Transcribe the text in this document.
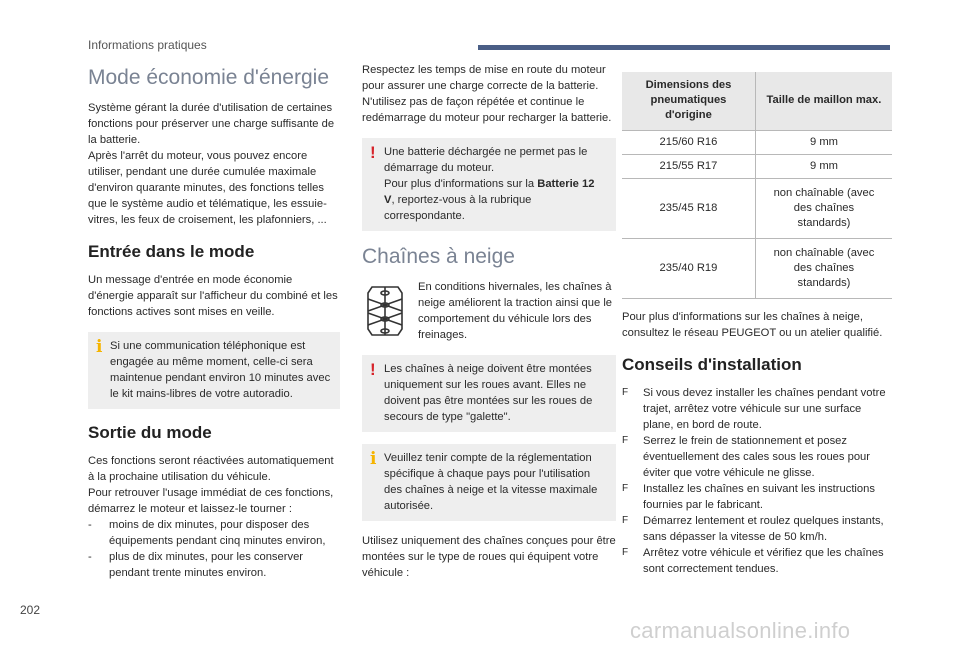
Informations pratiques
Mode économie d'énergie

Système gérant la durée d'utilisation de certaines fonctions pour préserver une charge suffisante de la batterie.

Après l'arrêt du moteur, vous pouvez encore utiliser, pendant une durée cumulée maximale d'environ quarante minutes, des fonctions telles que le système audio et télématique, les essuie-vitres, les feux de croisement, les plafonniers, ...

Entrée dans le mode

Un message d'entrée en mode économie d'énergie apparaît sur l'afficheur du combiné et les fonctions actives sont mises en veille.

i Si une communication téléphonique est engagée au même moment, celle-ci sera maintenue pendant environ 10 minutes avec le kit mains-libres de votre autoradio.

Sortie du mode

Ces fonctions seront réactivées automatiquement à la prochaine utilisation du véhicule.

Pour retrouver l'usage immédiat de ces fonctions, démarrez le moteur et laissez-le tourner :

- moins de dix minutes, pour disposer des équipements pendant cinq minutes environ,
- plus de dix minutes, pour les conserver pendant trente minutes environ.

Respectez les temps de mise en route du moteur pour assurer une charge correcte de la batterie.

N'utilisez pas de façon répétée et continue le redémarrage du moteur pour recharger la batterie.

! Une batterie déchargée ne permet pas le démarrage du moteur.

Pour plus d'informations sur la Batterie 12 V, reportez-vous à la rubrique correspondante.

Chaînes à neige

En conditions hivernales, les chaînes à neige améliorent la traction ainsi que le comportement du véhicule lors des freinages.

! Les chaînes à neige doivent être montées uniquement sur les roues avant. Elles ne doivent pas être montées sur les roues de secours de type "galette".

i Veuillez tenir compte de la réglementation spécifique à chaque pays pour l'utilisation des chaînes à neige et la vitesse maximale autorisée.

Utilisez uniquement des chaînes conçues pour être montées sur le type de roues qui équipent votre véhicule :

Dimensions des pneumatiques d'origine	Taille de maillon max.
215/60 R16	9 mm
215/55 R17	9 mm
235/45 R18	non chaînable (avec des chaînes standards)
235/40 R19	non chaînable (avec des chaînes standards)

Pour plus d'informations sur les chaînes à neige, consultez le réseau PEUGEOT ou un atelier qualifié.

Conseils d'installation
F Si vous devez installer les chaînes pendant votre trajet, arrêtez votre véhicule sur une surface plane, en bord de route.
F Serrez le frein de stationnement et posez éventuellement des cales sous les roues pour éviter que votre véhicule ne glisse.
F Installez les chaînes en suivant les instructions fournies par le fabricant.
F Démarrez lentement et roulez quelques instants, sans dépasser la vitesse de 50 km/h.
F Arrêtez votre véhicule et vérifiez que les chaînes sont correctement tendues.
202
carmanualsonline.info
